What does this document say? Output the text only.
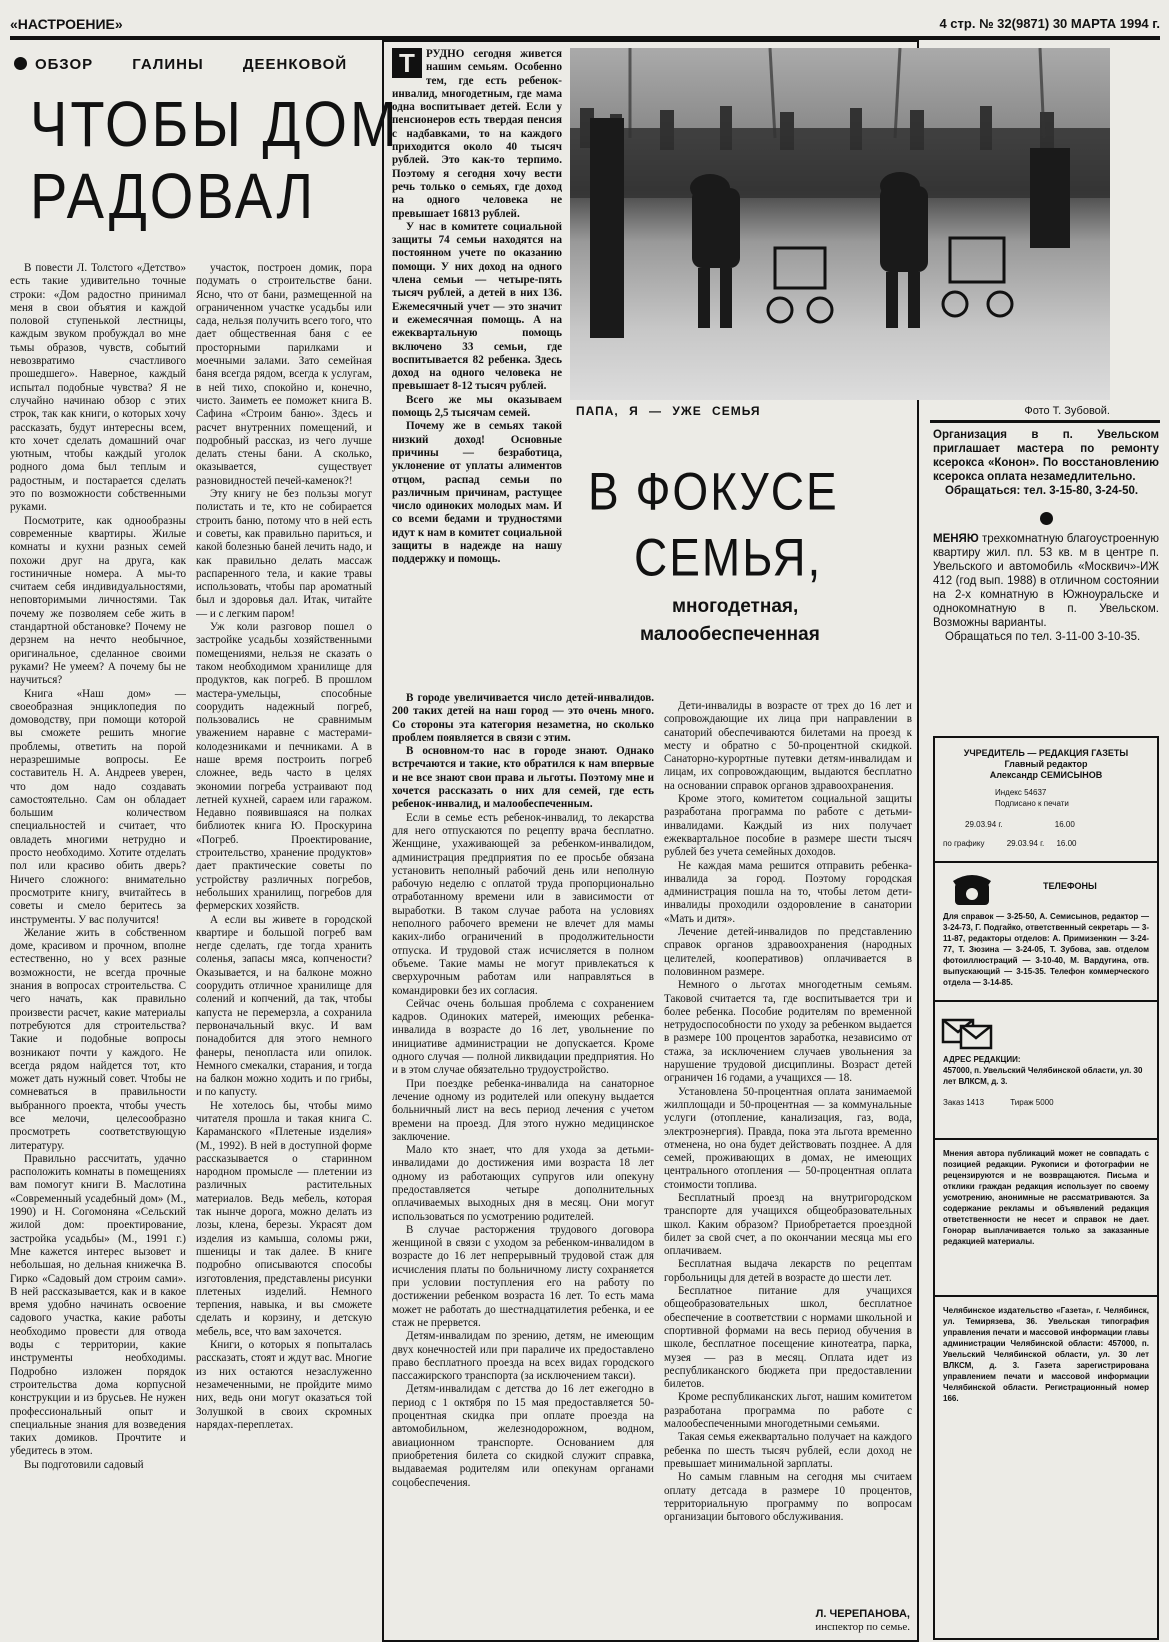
«НАСТРОЕНИЕ»	4 стр. № 32(9871) 30 МАРТА 1994 г.
ОБЗОР ГАЛИНЫ ДЕЕНКОВОЙ
ЧТОБЫ ДОМ
РАДОВАЛ

В повести Л. Толстого «Детство» есть такие удивительно точные строки: «Дом радостно принимал меня в свои объятия и каждой половой ступенькой лестницы, каждым звуком пробуждал во мне тьмы образов, чувств, событий невозвратимо счастливого прошедшего». Наверное, каждый испытал подобные чувства? Я не случайно начинаю обзор с этих строк, так как книги, о которых хочу рассказать, будут интересны всем, кто хочет сделать домашний очаг уютным, чтобы каждый уголок родного дома был теплым и радостным, и постарается сделать это по возможности собственными руками.

Посмотрите, как однообразны современные квартиры. Жилые комнаты и кухни разных семей похожи друг на друга, как гостиничные номера. А мы-то считаем себя индивидуальностями, неповторимыми личностями. Так почему же позволяем себе жить в стандартной обстановке? Почему не дерзнем на нечто необычное, оригинальное, сделанное своими руками? Не умеем? А почему бы не научиться?

Книга «Наш дом» — своеобразная энциклопедия по домоводству, при помощи которой вы сможете решить многие проблемы, ответить на порой неразрешимые вопросы. Ее составитель Н. А. Андреев уверен, что дом надо создавать самостоятельно. Сам он обладает большим количеством специальностей и считает, что овладеть многими нетрудно и просто необходимо. Хотите отделать пол или красиво обить дверь? Ничего сложного: внимательно просмотрите книгу, вчитайтесь в советы и смело беритесь за инструменты. У вас получится!

Желание жить в собственном доме, красивом и прочном, вполне естественно, но у всех разные возможности, не всегда прочные знания в вопросах строительства. С чего начать, как правильно произвести расчет, какие материалы потребуются для строительства? Такие и подобные вопросы возникают почти у каждого. Не всегда рядом найдется тот, кто может дать нужный совет. Чтобы не сомневаться в правильности выбранного проекта, чтобы учесть все мелочи, целесообразно просмотреть соответствующую литературу.

Правильно рассчитать, удачно расположить комнаты в помещениях вам помогут книги В. Маслотина «Современный усадебный дом» (М., 1990) и Н. Согомоняна «Сельский жилой дом: проектирование, застройка усадьбы» (М., 1991 г.) Мне кажется интерес вызовет и небольшая, но дельная книжечка В. Гирко «Садовый дом строим сами». В ней рассказывается, как и в какое время удобно начинать освоение садового участка, какие работы необходимо провести для отвода воды с территории, какие инструменты необходимы. Подробно изложен порядок строительства дома корпусной конструкции и из брусьев. Не нужен профессиональный опыт и специальные знания для возведения таких домиков. Прочтите и убедитесь в этом.

Вы подготовили садовый

участок, построен домик, пора подумать о строительстве бани. Ясно, что от бани, размещенной на ограниченном участке усадьбы или сада, нельзя получить всего того, что дает общественная баня с ее просторными парилками и моечными залами. Зато семейная баня всегда рядом, всегда к услугам, в ней тихо, спокойно и, конечно, чисто. Заиметь ее поможет книга В. Сафина «Строим баню». Здесь и расчет внутренних помещений, и подробный рассказ, из чего лучше делать стены бани. А сколько, оказывается, существует разновидностей печей-каменок?!

Эту книгу не без пользы могут полистать и те, кто не собирается строить баню, потому что в ней есть и советы, как правильно париться, и какой болезнью баней лечить надо, и как правильно делать массаж распаренного тела, и какие травы использовать, чтобы пар ароматный был и здоровья дал. Итак, читайте — и с легким паром!

Уж коли разговор пошел о застройке усадьбы хозяйственными помещениями, нельзя не сказать о таком необходимом хранилище для продуктов, как погреб. В прошлом мастера-умельцы, способные соорудить надежный погреб, пользовались не сравнимым уважением наравне с мастерами-колодезниками и печниками. А в наше время построить погреб сложнее, ведь часто в целях экономии погреба устраивают под летней кухней, сараем или гаражом. Недавно появившаяся на полках библиотек книга Ю. Проскурина «Погреб. Проектирование, строительство, хранение продуктов» дает практические советы по устройству различных погребов, небольших хранилищ, погребов для фермерских хозяйств.

А если вы живете в городской квартире и большой погреб вам негде сделать, где тогда хранить соленья, запасы мяса, копчености? Оказывается, и на балконе можно соорудить отличное хранилище для солений и копчений, да так, чтобы капуста не перемерзла, а сохранила первоначальный вкус. И вам понадобится для этого немного фанеры, пенопласта или опилок. Немного смекалки, старания, и тогда на балкон можно ходить и по грибы, и по капусту.

Не хотелось бы, чтобы мимо читателя прошла и такая книга С. Караманского «Плетеные изделия» (М., 1992). В ней в доступной форме рассказывается о старинном народном промысле — плетении из различных растительных материалов. Ведь мебель, которая так нынче дорога, можно делать из лозы, клена, березы. Украсят дом изделия из камыша, соломы ржи, пшеницы и так далее. В книге подробно описываются способы изготовления, представлены рисунки плетеных изделий. Немного терпения, навыка, и вы сможете сделать и корзину, и детскую мебель, все, что вам захочется.

Книги, о которых я попыталась рассказать, стоят и ждут вас. Многие из них остаются незаслуженно незамеченными, не пройдите мимо них, ведь они могут оказаться той Золушкой в своих скромных нарядах-переплетах.

Т РУДНО сегодня живется нашим семьям. Особенно тем, где есть ребенок-инвалид, многодетным, где мама одна воспитывает детей. Если у пенсионеров есть твердая пенсия с надбавками, то на каждого приходится около 40 тысяч рублей. Это как-то терпимо. Поэтому я сегодня хочу вести речь только о семьях, где доход на одного человека не превышает 16813 рублей.

У нас в комитете социальной защиты 74 семьи находятся на постоянном учете по оказанию помощи. У них доход на одного члена семьи — четыре-пять тысяч рублей, а детей в них 136. Ежемесячный учет — это значит и ежемесячная помощь. А на ежеквартальную помощь включено 33 семьи, где воспитывается 82 ребенка. Здесь доход на одного человека не превышает 8-12 тысяч рублей.

Всего же мы оказываем помощь 2,5 тысячам семей.

Почему же в семьях такой низкий доход! Основные причины — безработица, уклонение от уплаты алиментов отцом, распад семьи по различным причинам, растущее число одиноких молодых мам. И со всеми бедами и трудностями идут к нам в комитет социальной защиты в надежде на нашу поддержку и помощь.

ПАПА, Я — УЖЕ СЕМЬЯ	Фото Т. Зубовой.
В ФОКУСЕ
СЕМЬЯ,
многодетная,
малообеспеченная

В городе увеличивается число детей-инвалидов. 200 таких детей на наш город — это очень много. Со стороны эта категория незаметна, но сколько проблем появляется в связи с этим.

В основном-то нас в городе знают. Однако встречаются и такие, кто обратился к нам впервые и не все знают свои права и льготы. Поэтому мне и хочется рассказать о них для семей, где есть ребенок-инвалид, и малообеспеченным.

Если в семье есть ребенок-инвалид, то лекарства для него отпускаются по рецепту врача бесплатно. Женщине, ухаживающей за ребенком-инвалидом, администрация предприятия по ее просьбе обязана установить неполный рабочий день или неполную рабочую неделю с оплатой труда пропорционально отработанному времени или в зависимости от выработки. В таком случае работа на условиях неполного рабочего времени не влечет для мамы каких-либо ограничений в продолжительности отпуска. И трудовой стаж исчисляется в полном объеме. Такие мамы не могут привлекаться к сверхурочным работам или направляться в командировки без их согласия.

Сейчас очень большая проблема с сохранением кадров. Одиноких матерей, имеющих ребенка-инвалида в возрасте до 16 лет, увольнение по инициативе администрации не допускается. Кроме одного случая — полной ликвидации предприятия. Но и в этом случае обязательно трудоустройство.

При поездке ребенка-инвалида на санаторное лечение одному из родителей или опекуну выдается больничный лист на весь период лечения с учетом времени на проезд. Для этого нужно медицинское заключение.

Мало кто знает, что для ухода за детьми-инвалидами до достижения ими возраста 18 лет одному из работающих супругов или опекуну предоставляется четыре дополнительных оплачиваемых выходных дня в месяц. Они могут использоваться по усмотрению родителей.

В случае расторжения трудового договора женщиной в связи с уходом за ребенком-инвалидом в возрасте до 16 лет непрерывный трудовой стаж для исчисления платы по больничному листу сохраняется при условии поступления его на работу по достижении ребенком возраста 16 лет. То есть мама может не работать до шестнадцатилетия ребенка, и ее стаж не прервется.

Детям-инвалидам по зрению, детям, не имеющим двух конечностей или при параличе их предоставлено право бесплатного проезда на всех видах городского пассажирского транспорта (за исключением такси).

Детям-инвалидам с детства до 16 лет ежегодно в период с 1 октября по 15 мая предоставляется 50-процентная скидка при оплате проезда на автомобильном, железнодорожном, водном, авиационном транспорте. Основанием для приобретения билета со скидкой служит справка, выдаваемая родителям или опекунам органами соцобеспечения.

Дети-инвалиды в возрасте от трех до 16 лет и сопровождающие их лица при направлении в санаторий обеспечиваются билетами на проезд к месту и обратно с 50-процентной скидкой. Санаторно-курортные путевки детям-инвалидам и лицам, их сопровождающим, выдаются бесплатно на основании справок органов здравоохранения.

Кроме этого, комитетом социальной защиты разработана программа по работе с детьми-инвалидами. Каждый из них получает ежеквартальное пособие в размере шести тысяч рублей без учета семейных доходов.

Не каждая мама решится отправить ребенка-инвалида за город. Поэтому городская администрация пошла на то, чтобы летом дети-инвалиды проходили оздоровление в санатории «Мать и дитя».

Лечение детей-инвалидов по представлению справок органов здравоохранения (народных целителей, кооперативов) оплачивается в половинном размере.

Немного о льготах многодетным семьям. Таковой считается та, где воспитывается три и более ребенка. Пособие родителям по временной нетрудоспособности по уходу за ребенком выдается в размере 100 процентов заработка, независимо от стажа, за исключением случаев увольнения за нарушение трудовой дисциплины. Возраст детей ограничен 16 годами, а учащихся — 18.

Установлена 50-процентная оплата занимаемой жилплощади и 50-процентная — за коммунальные услуги (отопление, канализация, газ, вода, электроэнергия). Правда, пока эта льгота временно отменена, но она будет действовать позднее. А для семей, проживающих в домах, не имеющих центрального отопления — 50-процентная оплата стоимости топлива.

Бесплатный проезд на внутригородском транспорте для учащихся общеобразовательных школ. Каким образом? Приобретается проездной билет за свой счет, а по окончании месяца мы его оплачиваем.

Бесплатная выдача лекарств по рецептам горбольницы для детей в возрасте до шести лет.

Бесплатное питание для учащихся общеобразовательных школ, бесплатное обеспечение в соответствии с нормами школьной и спортивной формами на весь период обучения в школе, бесплатное посещение кинотеатра, парка, музея — раз в месяц. Оплата идет из республиканского бюджета при предоставлении билетов.

Кроме республиканских льгот, нашим комитетом разработана программа по работе с малообеспеченными многодетными семьями.

Такая семья ежеквартально получает на каждого ребенка по шесть тысяч рублей, если доход не превышает минимальной зарплаты.

Но самым главным на сегодня мы считаем оплату детсада в размере 10 процентов, территориальную программу по вопросам организации бытового обслуживания.

Л. ЧЕРЕПАНОВА,
инспектор по семье.
Организация в п. Увельском приглашает мастера по ремонту ксерокса «Конон». По восстановлению ксерокса оплата незамедлительно.
Обращаться: тел. 3-15-80, 3-24-50.
МЕНЯЮ трехкомнатную благоустроенную квартиру жил. пл. 53 кв. м в центре п. Увельского и автомобиль «Москвич»-ИЖ 412 (год вып. 1988) в отличном состоянии на 2-х комнатную в Южноуральске и однокомнатную в п. Увельском. Возможны варианты.
Обращаться по тел. 3-11-00 3-10-35.
УЧРЕДИТЕЛЬ — РЕДАКЦИЯ ГАЗЕТЫ
Главный редактор
Александр СЕМИСЫНОВ
Индекс 54637
Подписано к печати
29.03.94 г.	16.00
по графику	29.03.94 г. 16.00
ТЕЛЕФОНЫ
Для справок — 3-25-50, А. Семисынов, редактор — 3-24-73, Г. Подгайко, ответственный секретарь — 3-11-87, редакторы отделов: А. Примизенкин — 3-24-77, Т. Зюзина — 3-24-05, Т. Зубова, зав. отделом фотоиллюстраций — 3-10-40, М. Вардугина, отв. выпускающий — 3-15-35. Телефон коммерческого отдела — 3-14-85.
АДРЕС РЕДАКЦИИ:
457000, п. Увельский Челябинской области, ул. 30 лет ВЛКСМ, д. 3.
Заказ 1413	Тираж 5000
Мнения автора публикаций может не совпадать с позицией редакции. Рукописи и фотографии не рецензируются и не возвращаются. Письма и отклики граждан редакция использует по своему усмотрению, анонимные не рассматриваются. За содержание рекламы и объявлений редакция ответственности не несет и справок не дает. Гонорар выплачивается только за заказанные редакцией материалы.
Челябинское издательство «Газета», г. Челябинск, ул. Темирязева, 36. Увельская типография управления печати и массовой информации главы администрации Челябинской области: 457000, п. Увельский Челябинской области, ул. 30 лет ВЛКСМ, д. 3. Газета зарегистрирована управлением печати и массовой информации Челябинской области. Регистрационный номер 166.
